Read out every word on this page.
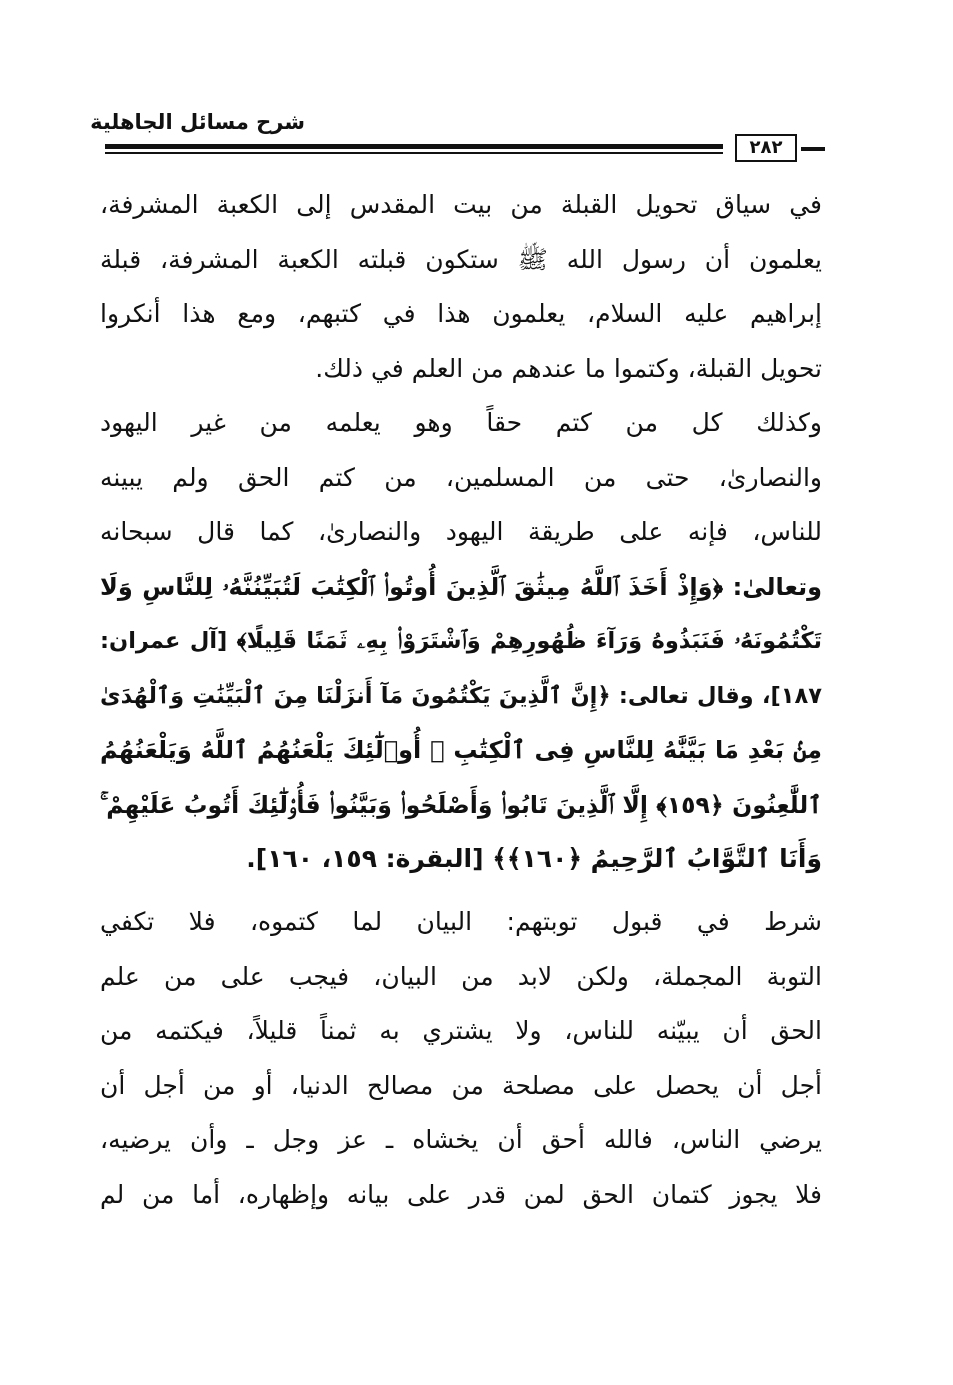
شرح مسائل الجاهلية
٢٨٢

في سياق تحويل القبلة من بيت المقدس إلى الكعبة المشرفة،
يعلمون أن رسول الله ﷺ ستكون قبلته الكعبة المشرفة، قبلة
إبراهيم عليه السلام، يعلمون هذا في كتبهم، ومع هذا أنكروا
تحويل القبلة، وكتموا ما عندهم من العلم في ذلك.

وكذلك كل من كتم حقاً وهو يعلمه من غير اليهود
والنصارىٰ، حتى من المسلمين، من كتم الحق ولم يبينه
للناس، فإنه على طريقة اليهود والنصارىٰ، كما قال سبحانه
وتعالىٰ: ﴿وَإِذْ أَخَذَ ٱللَّهُ مِيثَٰقَ ٱلَّذِينَ أُوتُوا۟ ٱلْكِتَٰبَ لَتُبَيِّنُنَّهُۥ لِلنَّاسِ وَلَا
تَكْتُمُونَهُۥ فَنَبَذُوهُ وَرَآءَ ظُهُورِهِمْ وَٱشْتَرَوْا۟ بِهِۦ ثَمَنًا قَلِيلًا﴾ [آل عمران:
١٨٧]، وقال تعالى: ﴿إِنَّ ٱلَّذِينَ يَكْتُمُونَ مَآ أَنزَلْنَا مِنَ ٱلْبَيِّنَٰتِ وَٱلْهُدَىٰ
مِنۢ بَعْدِ مَا بَيَّنَّٰهُ لِلنَّاسِ فِى ٱلْكِتَٰبِ ۙ أُو۟لَٰٓئِكَ يَلْعَنُهُمُ ٱللَّهُ وَيَلْعَنُهُمُ
ٱللَّٰعِنُونَ ﴿١٥٩﴾ إِلَّا ٱلَّذِينَ تَابُوا۟ وَأَصْلَحُوا۟ وَبَيَّنُوا۟ فَأُو۟لَٰٓئِكَ أَتُوبُ عَلَيْهِمْ ۚ
وَأَنَا ٱلتَّوَّابُ ٱلرَّحِيمُ ﴿١٦٠﴾﴾ [البقرة: ١٥٩، ١٦٠].

شرط في قبول توبتهم: البيان لما كتموه، فلا تكفي
التوبة المجملة، ولكن لابد من البيان، فيجب على من علم
الحق أن يبيّنه للناس، ولا يشتري به ثمناً قليلاً، فيكتمه من
أجل أن يحصل على مصلحة من مصالح الدنيا، أو من أجل أن
يرضي الناس، فالله أحق أن يخشاه ـ عز وجل ـ وأن يرضيه،
فلا يجوز كتمان الحق لمن قدر على بيانه وإظهاره، أما من لم
